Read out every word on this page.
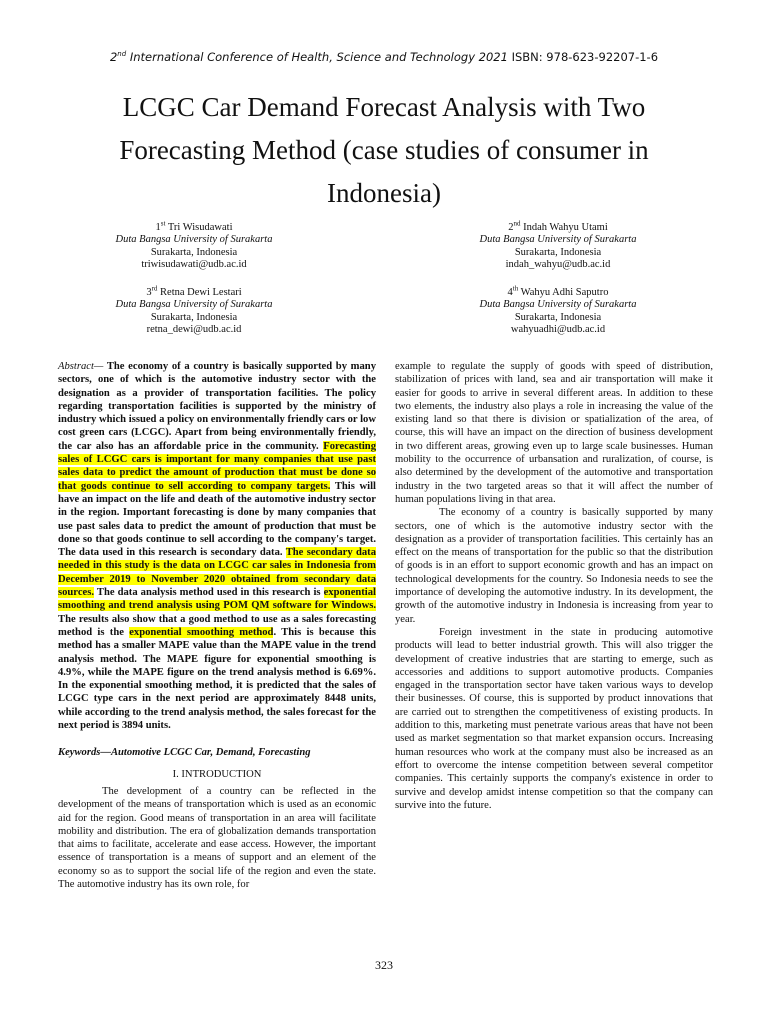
2nd International Conference of Health, Science and Technology 2021 ISBN: 978-623-92207-1-6
LCGC Car Demand Forecast Analysis with Two Forecasting Method (case studies of consumer in Indonesia)
1st Tri Wisudawati
Duta Bangsa University of Surakarta
Surakarta, Indonesia
triwisudawati@udb.ac.id
2nd Indah Wahyu Utami
Duta Bangsa University of Surakarta
Surakarta, Indonesia
indah_wahyu@udb.ac.id
3rd Retna Dewi Lestari
Duta Bangsa University of Surakarta
Surakarta, Indonesia
retna_dewi@udb.ac.id
4th Wahyu Adhi Saputro
Duta Bangsa University of Surakarta
Surakarta, Indonesia
wahyuadhi@udb.ac.id

Abstract— The economy of a country is basically supported by many sectors, one of which is the automotive industry sector with the designation as a provider of transportation facilities. The policy regarding transportation facilities is supported by the ministry of industry which issued a policy on environmentally friendly cars or low cost green cars (LCGC). Apart from being environmentally friendly, the car also has an affordable price in the community. Forecasting sales of LCGC cars is important for many companies that use past sales data to predict the amount of production that must be done so that goods continue to sell according to company targets. This will have an impact on the life and death of the automotive industry sector in the region. Important forecasting is done by many companies that use past sales data to predict the amount of production that must be done so that goods continue to sell according to the company's target. The data used in this research is secondary data. The secondary data needed in this study is the data on LCGC car sales in Indonesia from December 2019 to November 2020 obtained from secondary data sources. The data analysis method used in this research is exponential smoothing and trend analysis using POM QM software for Windows. The results also show that a good method to use as a sales forecasting method is the exponential smoothing method. This is because this method has a smaller MAPE value than the MAPE value in the trend analysis method. The MAPE figure for exponential smoothing is 4.9%, while the MAPE figure on the trend analysis method is 6.69%. In the exponential smoothing method, it is predicted that the sales of LCGC type cars in the next period are approximately 8448 units, while according to the trend analysis method, the sales forecast for the next period is 3894 units.

Keywords—Automotive LCGC Car, Demand, Forecasting

I. INTRODUCTION

The development of a country can be reflected in the development of the means of transportation which is used as an economic aid for the region. Good means of transportation in an area will facilitate mobility and distribution. The era of globalization demands transportation that aims to facilitate, accelerate and ease access. However, the important essence of transportation is a means of support and an element of the economy so as to support the social life of the region and even the state. The automotive industry has its own role, for

example to regulate the supply of goods with speed of distribution, stabilization of prices with land, sea and air transportation will make it easier for goods to arrive in several different areas. In addition to these two elements, the industry also plays a role in increasing the value of the existing land so that there is division or spatialization of the area, of course, this will have an impact on the direction of business development in two different areas, growing even up to large scale businesses. Human mobility to the occurrence of urbansation and ruralization, of course, is also determined by the development of the automotive and transportation industry in the two targeted areas so that it will affect the number of human populations living in that area.

The economy of a country is basically supported by many sectors, one of which is the automotive industry sector with the designation as a provider of transportation facilities. This certainly has an effect on the means of transportation for the public so that the distribution of goods is in an effort to support economic growth and has an impact on technological developments for the country. So Indonesia needs to see the importance of developing the automotive industry. In its development, the growth of the automotive industry in Indonesia is increasing from year to year.

Foreign investment in the state in producing automotive products will lead to better industrial growth. This will also trigger the development of creative industries that are starting to emerge, such as accessories and additions to support automotive products. Companies engaged in the transportation sector have taken various ways to develop their businesses. Of course, this is supported by product innovations that are carried out to strengthen the competitiveness of existing products. In addition to this, marketing must penetrate various areas that have not been used as market segmentation so that market expansion occurs. Increasing human resources who work at the company must also be increased as an effort to overcome the intense competition between several competitor companies. This certainly supports the company's existence in order to survive and develop amidst intense competition so that the company can survive into the future.

323
